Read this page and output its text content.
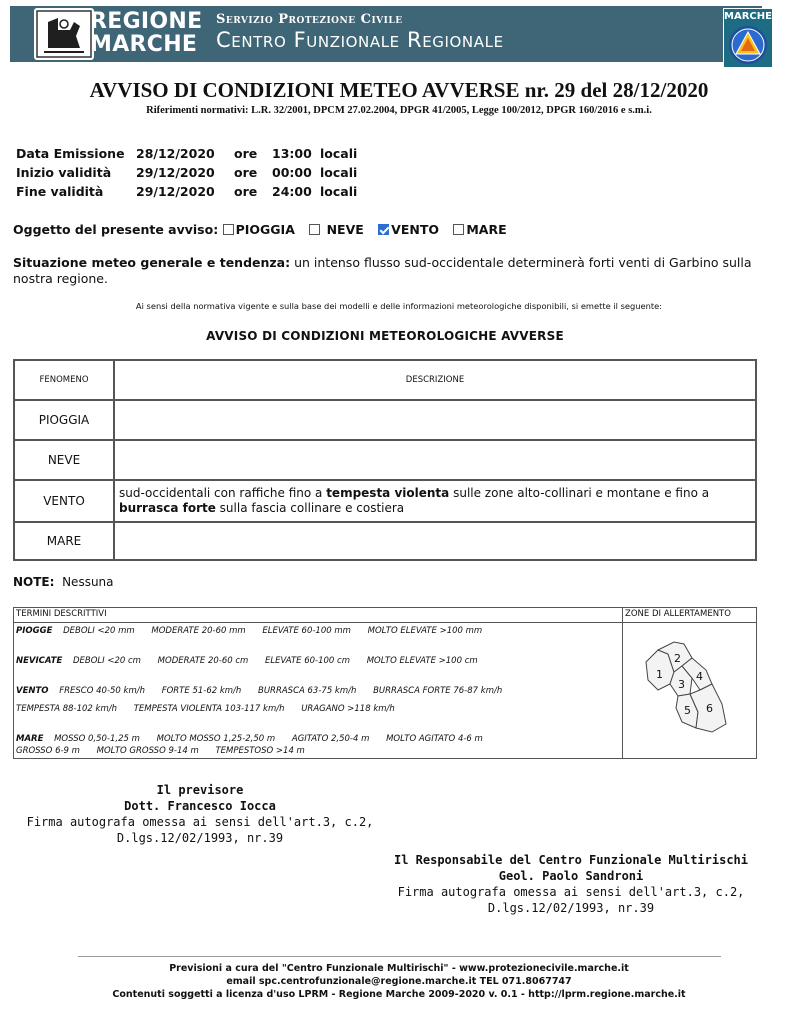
REGIONE
MARCHE
Servizio Protezione Civile
Centro Funzionale Regionale
MARCHE
AVVISO DI CONDIZIONI METEO AVVERSE nr. 29 del 28/12/2020
Riferimenti normativi: L.R. 32/2001, DPCM 27.02.2004, DPGR 41/2005, Legge 100/2012, DPGR 160/2016 e s.m.i.
Data Emissione	28/12/2020	ore	13:00	locali
Inizio validità	29/12/2020	ore	00:00	locali
Fine validità	29/12/2020	ore	24:00	locali
Oggetto del presente avviso: PIOGGIA	NEVE VENTO MARE
Situazione meteo generale e tendenza: un intenso flusso sud-occidentale determinerà forti venti di Garbino sulla nostra regione.
Ai sensi della normativa vigente e sulla base dei modelli e delle informazioni meteorologiche disponibili, si emette il seguente:
AVVISO DI CONDIZIONI METEOROLOGICHE AVVERSE
FENOMENO	DESCRIZIONE
PIOGGIA	
NEVE	
VENTO	sud-occidentali con raffiche fino a tempesta violenta sulle zone alto-collinari e montane e fino a burrasca forte sulla fascia collinare e costiera
MARE	
NOTE: Nessuna
TERMINI DESCRITTIVI	ZONE DI ALLERTAMENTO
PIOGGE DEBOLI <20 mm MODERATE 20-60 mm ELEVATE 60-100 mm MOLTO ELEVATE >100 mm
NEVICATE DEBOLI <20 cm MODERATE 20-60 cm ELEVATE 60-100 cm MOLTO ELEVATE >100 cm
VENTO FRESCO 40-50 km/h FORTE 51-62 km/h BURRASCA 63-75 km/h BURRASCA FORTE 76-87 km/h
TEMPESTA 88-102 km/h TEMPESTA VIOLENTA 103-117 km/h URAGANO >118 km/h
MARE MOSSO 0,50-1,25 m MOLTO MOSSO 1,25-2,50 m AGITATO 2,50-4 m MOLTO AGITATO 4-6 m
GROSSO 6-9 m MOLTO GROSSO 9-14 m TEMPESTOSO >14 m
1
2
3
4
5 6
Il previsore
Dott. Francesco Iocca
Firma autografa omessa ai sensi dell'art.3, c.2,
D.lgs.12/02/1993, nr.39
Il Responsabile del Centro Funzionale Multirischi
Geol. Paolo Sandroni
Firma autografa omessa ai sensi dell'art.3, c.2,
D.lgs.12/02/1993, nr.39
Previsioni a cura del "Centro Funzionale Multirischi" - www.protezionecivile.marche.it
email spc.centrofunzionale@regione.marche.it TEL 071.8067747
Contenuti soggetti a licenza d'uso LPRM - Regione Marche 2009-2020 v. 0.1 - http://lprm.regione.marche.it
